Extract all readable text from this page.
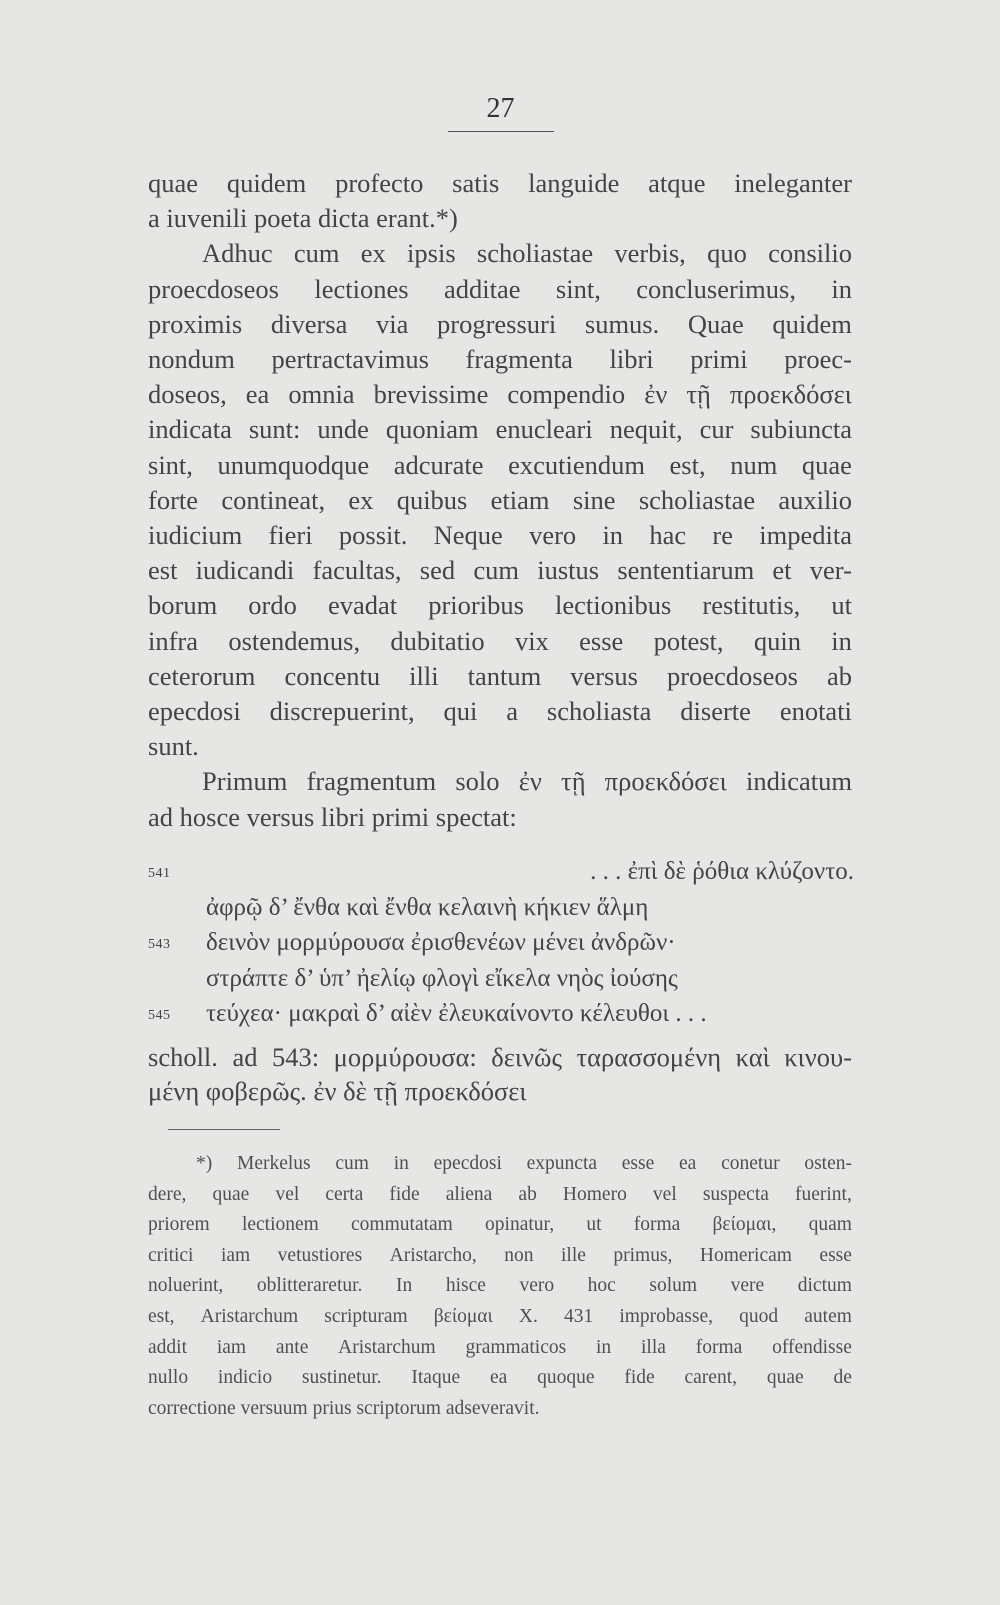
27
quae quidem profecto satis languide atque ineleganter
a iuvenili poeta dicta erant.*)
Adhuc cum ex ipsis scholiastae verbis, quo consilio
proecdoseos lectiones additae sint, concluserimus, in
proximis diversa via progressuri sumus. Quae quidem
nondum pertractavimus fragmenta libri primi proec-
doseos, ea omnia brevissime compendio ἐν τῇ προεκδόσει
indicata sunt: unde quoniam enucleari nequit, cur subiuncta
sint, unumquodque adcurate excutiendum est, num quae
forte contineat, ex quibus etiam sine scholiastae auxilio
iudicium fieri possit. Neque vero in hac re impedita
est iudicandi facultas, sed cum iustus sententiarum et ver-
borum ordo evadat prioribus lectionibus restitutis, ut
infra ostendemus, dubitatio vix esse potest, quin in
ceterorum concentu illi tantum versus proecdoseos ab
epecdosi discrepuerint, qui a scholiasta diserte enotati
sunt.
Primum fragmentum solo ἐν τῇ προεκδόσει indicatum
ad hosce versus libri primi spectat:
541	. . . ἐπὶ δὲ ῥόθια κλύζοντο.
ἀφρῷ δ’ ἔνθα καὶ ἔνθα κελαινὴ κήκιεν ἅλμη
543 δεινὸν μορμύρουσα ἐρισθενέων μένει ἀνδρῶν·
στράπτε δ’ ὑπ’ ἠελίῳ φλογὶ εἴκελα νηὸς ἰούσης
545 τεύχεα· μακραὶ δ’ αἰὲν ἐλευκαίνοντο κέλευθοι . . .
scholl. ad 543: μορμύρουσα: δεινῶς ταρασσομένη καὶ κινου-
μένη φοβερῶς. ἐν δὲ τῇ προεκδόσει
*) Merkelus cum in epecdosi expuncta esse ea conetur osten-
dere, quae vel certa fide aliena ab Homero vel suspecta fuerint,
priorem lectionem commutatam opinatur, ut forma βείομαι, quam
critici iam vetustiores Aristarcho, non ille primus, Homericam esse
noluerint, oblitteraretur. In hisce vero hoc solum vere dictum
est, Aristarchum scripturam βείομαι X. 431 improbasse, quod autem
addit iam ante Aristarchum grammaticos in illa forma offendisse
nullo indicio sustinetur. Itaque ea quoque fide carent, quae de
correctione versuum prius scriptorum adseveravit.
